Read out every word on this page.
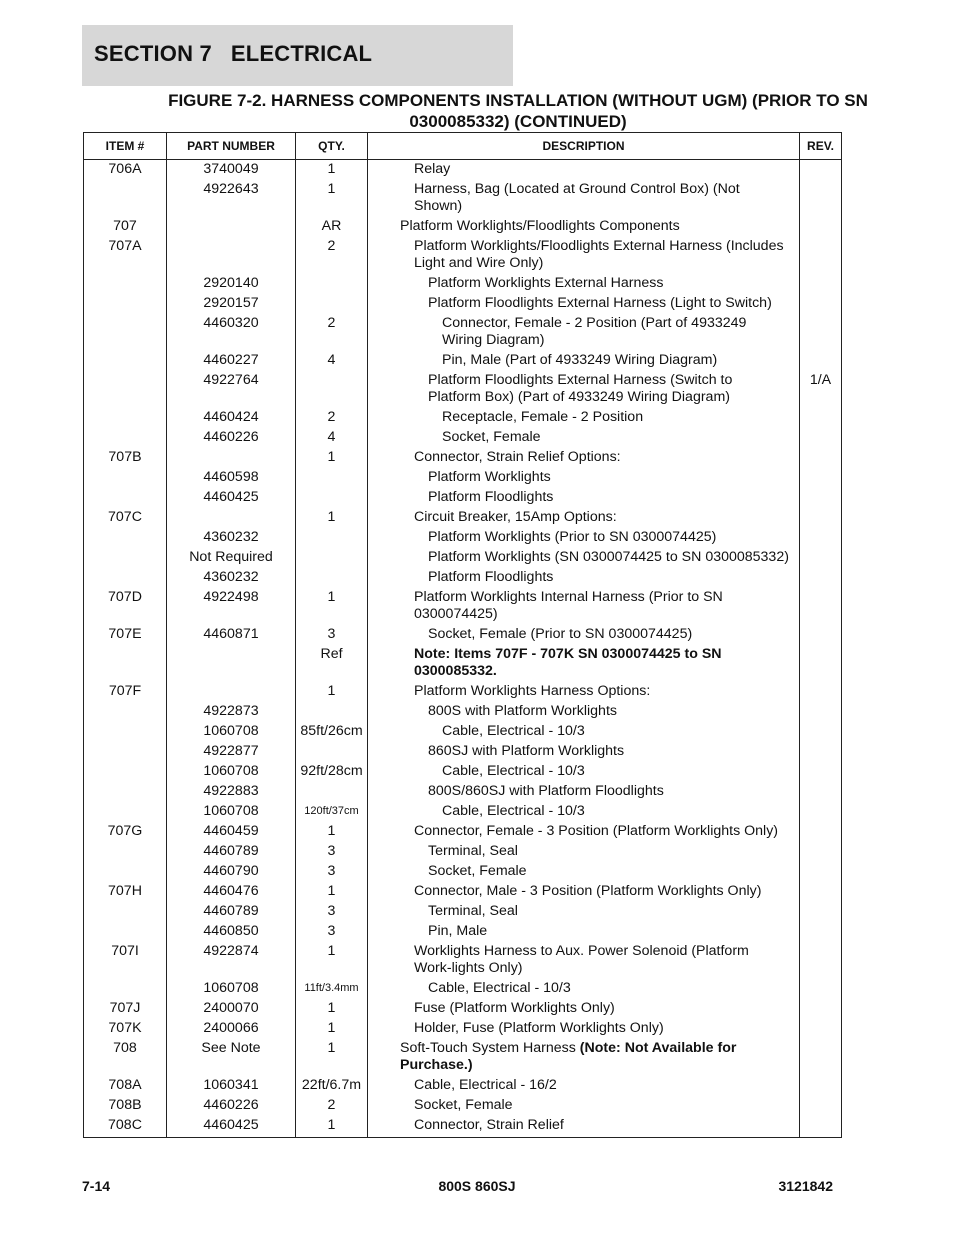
SECTION 7   ELECTRICAL
FIGURE 7-2. HARNESS COMPONENTS INSTALLATION (WITHOUT UGM) (PRIOR TO SN 0300085332) (CONTINUED)
ITEM #	PART NUMBER	QTY.	DESCRIPTION	REV.
706A	3740049	1	Relay	
	4922643	1	Harness, Bag (Located at Ground Control Box) (Not Shown)	
707		AR	Platform Worklights/Floodlights Components	
707A		2	Platform Worklights/Floodlights External Harness (Includes Light and Wire Only)	
	2920140		Platform Worklights External Harness	
	2920157		Platform Floodlights External Harness (Light to Switch)	
	4460320	2	Connector, Female - 2 Position (Part of 4933249 Wiring Diagram)	
	4460227	4	Pin, Male (Part of 4933249 Wiring Diagram)	
	4922764		Platform Floodlights External Harness (Switch to Platform Box) (Part of 4933249 Wiring Diagram)	1/A
	4460424	2	Receptacle, Female - 2 Position	
	4460226	4	Socket, Female	
707B		1	Connector, Strain Relief Options:	
	4460598		Platform Worklights	
	4460425		Platform Floodlights	
707C		1	Circuit Breaker, 15Amp Options:	
	4360232		Platform Worklights (Prior to SN 0300074425)	
	Not Required		Platform Worklights (SN 0300074425 to SN 0300085332)	
	4360232		Platform Floodlights	
707D	4922498	1	Platform Worklights Internal Harness (Prior to SN 0300074425)	
707E	4460871	3	Socket, Female (Prior to SN 0300074425)	
		Ref	Note: Items 707F - 707K SN 0300074425 to SN 0300085332.	
707F		1	Platform Worklights Harness Options:	
	4922873		800S with Platform Worklights	
	1060708	85ft/26cm	Cable, Electrical - 10/3	
	4922877		860SJ with Platform Worklights	
	1060708	92ft/28cm	Cable, Electrical - 10/3	
	4922883		800S/860SJ with Platform Floodlights	
	1060708	120ft/37cm	Cable, Electrical - 10/3	
707G	4460459	1	Connector, Female - 3 Position (Platform Worklights Only)	
	4460789	3	Terminal, Seal	
	4460790	3	Socket, Female	
707H	4460476	1	Connector, Male - 3 Position (Platform Worklights Only)	
	4460789	3	Terminal, Seal	
	4460850	3	Pin, Male	
707I	4922874	1	Worklights Harness to Aux. Power Solenoid (Platform Work-lights Only)	
	1060708	11ft/3.4mm	Cable, Electrical - 10/3	
707J	2400070	1	Fuse (Platform Worklights Only)	
707K	2400066	1	Holder, Fuse (Platform Worklights Only)	
708	See Note	1	Soft-Touch System Harness (Note: Not Available for Purchase.)	
708A	1060341	22ft/6.7m	Cable, Electrical - 16/2	
708B	4460226	2	Socket, Female	
708C	4460425	1	Connector, Strain Relief	
7-14	800S 860SJ	3121842
